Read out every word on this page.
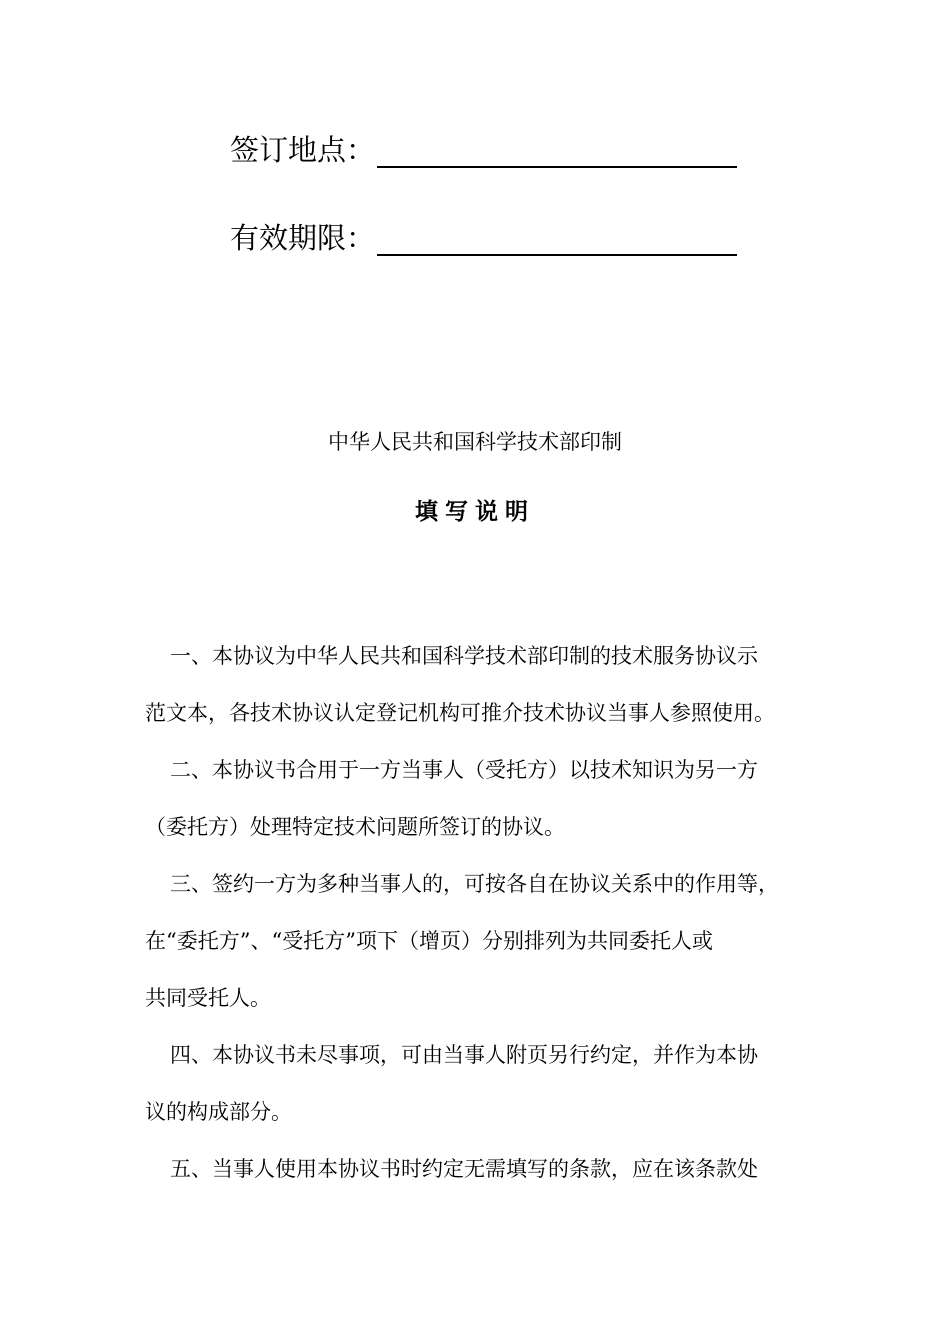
签订地点：
有效期限：
中华人民共和国科学技术部印制
填写说明
一、本协议为中华人民共和国科学技术部印制的技术服务协议示
范文本，各技术协议认定登记机构可推介技术协议当事人参照使用。
二、本协议书合用于一方当事人（受托方）以技术知识为另一方
（委托方）处理特定技术问题所签订的协议。
三、签约一方为多种当事人的，可按各自在协议关系中的作用等，
在“委托方”、“受托方”项下（增页）分别排列为共同委托人或
共同受托人。
四、本协议书未尽事项，可由当事人附页另行约定，并作为本协
议的构成部分。
五、当事人使用本协议书时约定无需填写的条款，应在该条款处
